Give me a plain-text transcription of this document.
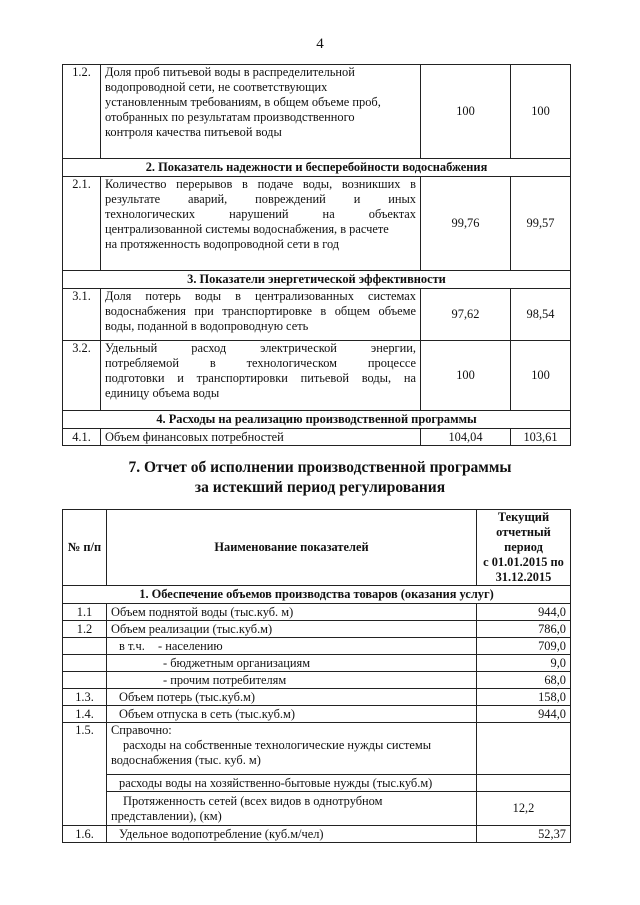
4
1.2.	Доля проб питьевой воды в распределительной
водопроводной сети, не соответствующих
установленным требованиям, в общем объеме проб,
отобранных по результатам производственного
контроля качества питьевой воды	100	100
2. Показатель надежности и бесперебойности водоснабжения			
2.1.	Количество перерывов в подаче воды, возникших в
результате аварий, повреждений и иных
технологических нарушений на объектах
централизованной системы водоснабжения, в расчете
на протяженность водопроводной сети в год	99,76	99,57
3. Показатели энергетической эффективности			
3.1.	Доля потерь воды в централизованных системах
водоснабжения при транспортировке в общем объеме
воды, поданной в водопроводную сеть	97,62	98,54
3.2.	Удельный расход электрической энергии,
потребляемой в технологическом процессе
подготовки и транспортировки питьевой воды, на
единицу объема воды	100	100
4. Расходы на реализацию производственной программы			
4.1.	Объем финансовых потребностей	104,04	103,61
7. Отчет об исполнении производственной программы
за истекший период регулирования
№ п/п	Наименование показателей	Текущий
отчетный период
с 01.01.2015 по
31.12.2015

1. Обеспечение объемов производства товаров (оказания услуг)		
1.1	Объем поднятой воды (тыс.куб. м)	944,0
1.2	Объем реализации (тыс.куб.м)	786,0
	в т.ч. - населению	709,0
	- бюджетным организациям	9,0
	- прочим потребителям	68,0
1.3.	Объем потерь (тыс.куб.м)	158,0
1.4.	Объем отпуска в сеть (тыс.куб.м)	944,0
1.5.	Справочно:
расходы на собственные технологические нужды системы
водоснабжения (тыс. куб. м)	

	расходы воды на хозяйственно-бытовые нужды (тыс.куб.м)	

	Протяженность сетей (всех видов в однотрубном
представлении), (км)	12,2
1.6.	Удельное водопотребление (куб.м/чел)	52,37
